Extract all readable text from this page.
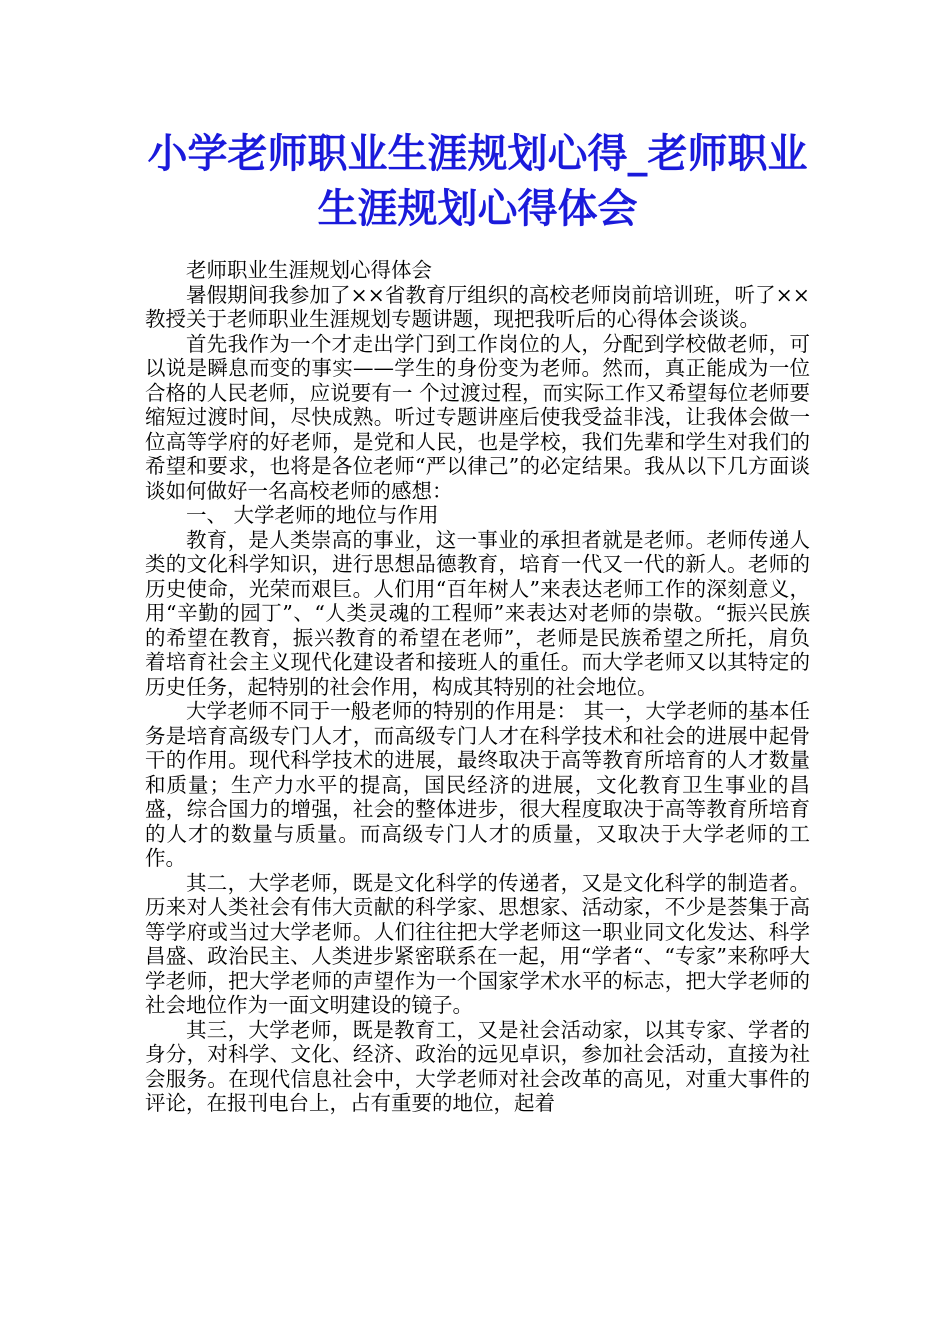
小学老师职业生涯规划心得_老师职业生涯规划心得体会

老师职业生涯规划心得体会

暑假期间我参加了××省教育厅组织的高校老师岗前培训班，听了××教授关于老师职业生涯规划专题讲题，现把我听后的心得体会谈谈。

首先我作为一个才走出学门到工作岗位的人，分配到学校做老师，可以说是瞬息而变的事实——学生的身份变为老师。然而，真正能成为一位合格的人民老师，应说要有一 个过渡过程，而实际工作又希望每位老师要缩短过渡时间，尽快成熟。听过专题讲座后使我受益非浅，让我体会做一位高等学府的好老师，是党和人民，也是学校，我们先辈和学生对我们的希望和要求，也将是各位老师“严以律己”的必定结果。我从以下几方面谈谈如何做好一名高校老师的感想：

一、 大学老师的地位与作用

教育，是人类崇高的事业，这一事业的承担者就是老师。老师传递人类的文化科学知识，进行思想品德教育，培育一代又一代的新人。老师的历史使命，光荣而艰巨。人们用“百年树人”来表达老师工作的深刻意义，用“辛勤的园丁”、“人类灵魂的工程师”来表达对老师的崇敬。“振兴民族的希望在教育，振兴教育的希望在老师”，老师是民族希望之所托，肩负着培育社会主义现代化建设者和接班人的重任。而大学老师又以其特定的历史任务，起特别的社会作用，构成其特别的社会地位。

大学老师不同于一般老师的特别的作用是： 其一，大学老师的基本任务是培育高级专门人才，而高级专门人才在科学技术和社会的进展中起骨干的作用。现代科学技术的进展，最终取决于高等教育所培育的人才数量和质量；生产力水平的提高，国民经济的进展，文化教育卫生事业的昌盛，综合国力的增强，社会的整体进步，很大程度取决于高等教育所培育的人才的数量与质量。而高级专门人才的质量，又取决于大学老师的工作。

其二，大学老师，既是文化科学的传递者，又是文化科学的制造者。历来对人类社会有伟大贡献的科学家、思想家、活动家，不少是荟集于高等学府或当过大学老师。人们往往把大学老师这一职业同文化发达、科学昌盛、政治民主、人类进步紧密联系在一起，用“学者“、“专家”来称呼大学老师，把大学老师的声望作为一个国家学术水平的标志，把大学老师的社会地位作为一面文明建设的镜子。

其三，大学老师，既是教育工，又是社会活动家，以其专家、学者的身分，对科学、文化、经济、政治的远见卓识，参加社会活动，直接为社会服务。在现代信息社会中，大学老师对社会改革的高见，对重大事件的评论，在报刊电台上，占有重要的地位，起着
